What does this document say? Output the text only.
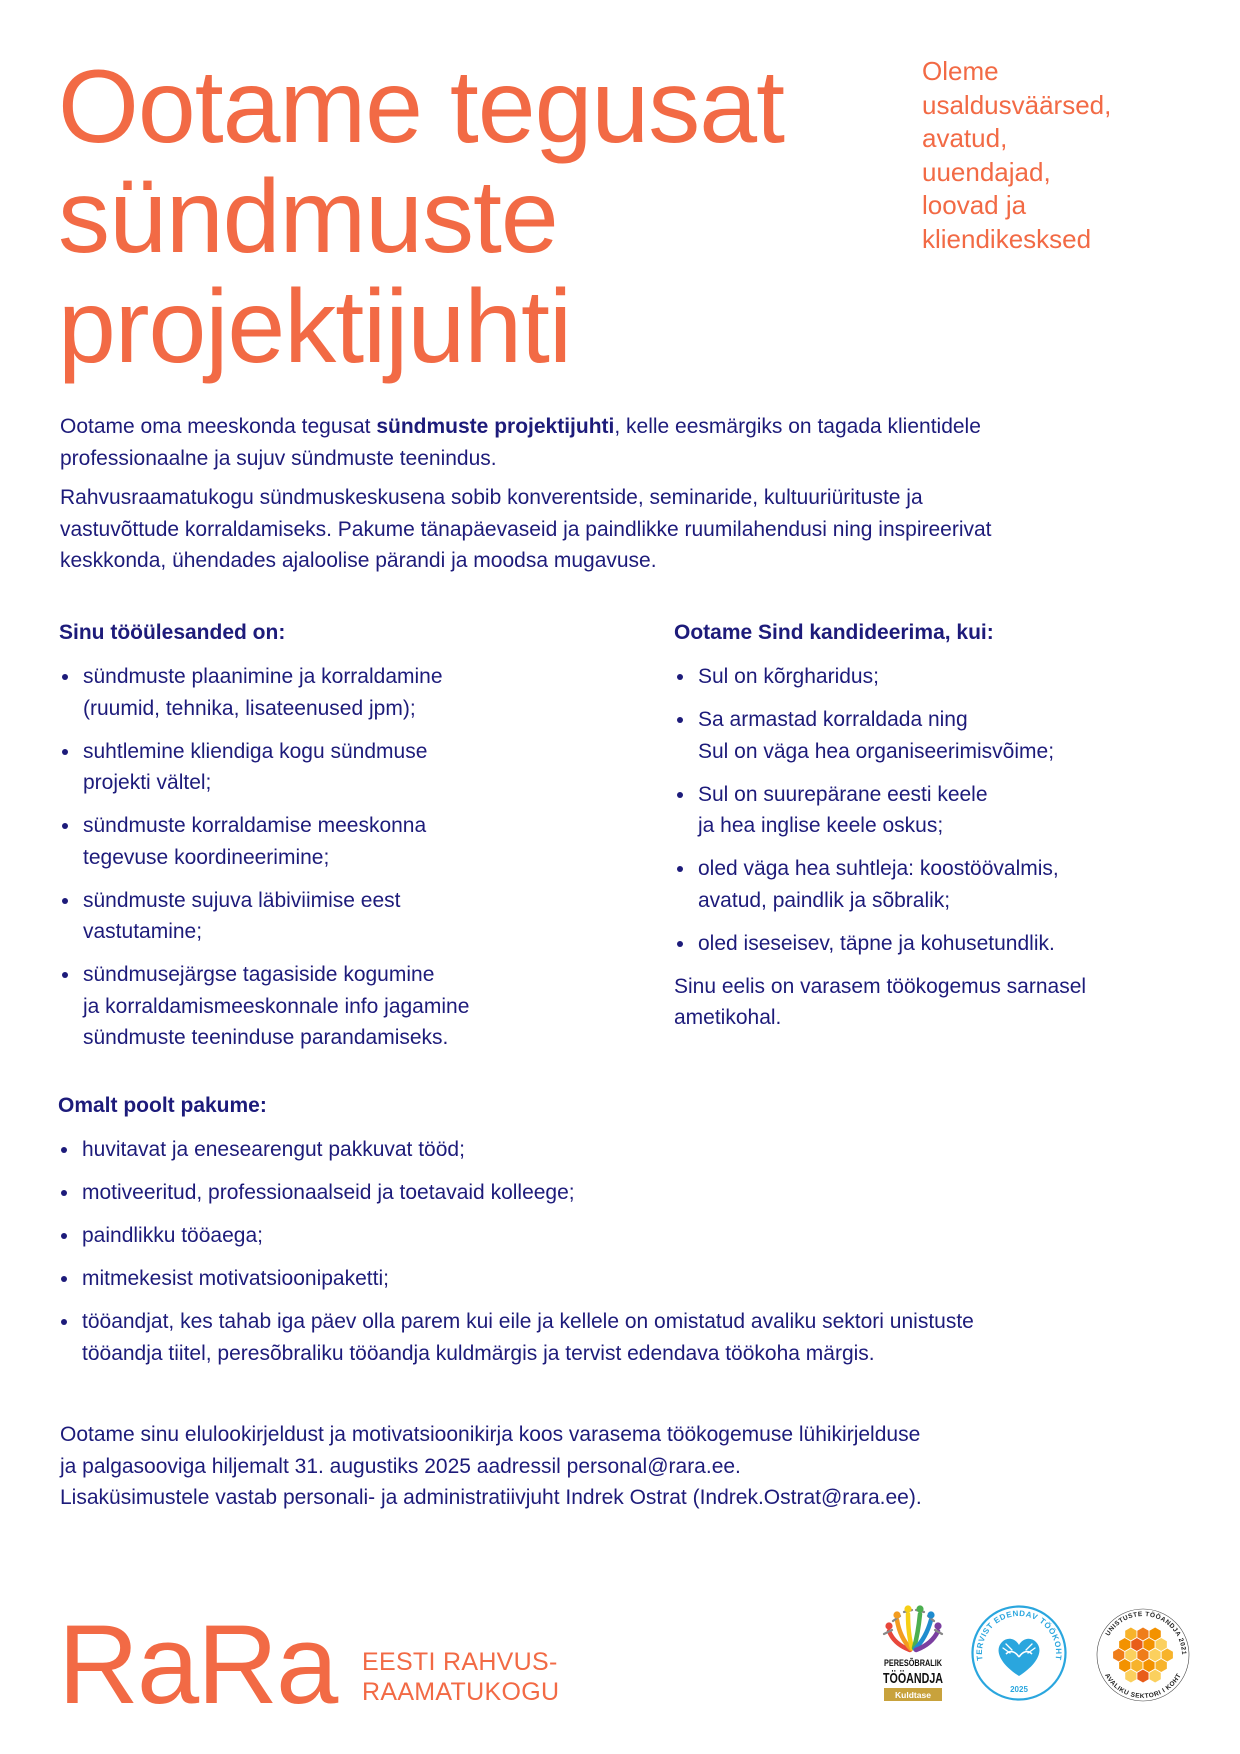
Ootame tegusat
sündmuste
projektijuhti
Oleme
usaldusväärsed,
avatud,
uuendajad,
loovad ja
kliendikesksed

Ootame oma meeskonda tegusat sündmuste projektijuhti, kelle eesmärgiks on tagada klientidele
professionaalne ja sujuv sündmuste teenindus.

Rahvusraamatukogu sündmuskeskusena sobib konverentside, seminaride, kultuuriürituste ja
vastuvõttude korraldamiseks. Pakume tänapäevaseid ja paindlikke ruumilahendusi ning inspireerivat
keskkonda, ühendades ajaloolise pärandi ja moodsa mugavuse.

Sinu tööülesanded on:
sündmuste plaanimine ja korraldamine
(ruumid, tehnika, lisateenused jpm);
suhtlemine kliendiga kogu sündmuse
projekti vältel;
sündmuste korraldamise meeskonna
tegevuse koordineerimine;
sündmuste sujuva läbiviimise eest
vastutamine;
sündmusejärgse tagasiside kogumine
ja korraldamismeeskonnale info jagamine
sündmuste teeninduse parandamiseks.
Ootame Sind kandideerima, kui:
Sul on kõrgharidus;
Sa armastad korraldada ning
Sul on väga hea organiseerimisvõime;
Sul on suurepärane eesti keele
ja hea inglise keele oskus;
oled väga hea suhtleja: koostöövalmis,
avatud, paindlik ja sõbralik;
oled iseseisev, täpne ja kohusetundlik.

Sinu eelis on varasem töökogemus sarnasel
ametikohal.

Omalt poolt pakume:
huvitavat ja enesearengut pakkuvat tööd;
motiveeritud, professionaalseid ja toetavaid kolleege;
paindlikku tööaega;
mitmekesist motivatsioonipaketti;
tööandjat, kes tahab iga päev olla parem kui eile ja kellele on omistatud avaliku sektori unistuste
tööandja tiitel, peresõbraliku tööandja kuldmärgis ja tervist edendava töökoha märgis.

Ootame sinu elulookirjeldust ja motivatsioonikirja koos varasema töökogemuse lühikirjelduse
ja palgasooviga hiljemalt 31. augustiks 2025 aadressil personal@rara.ee.
Lisaküsimustele vastab personali- ja administratiivjuht Indrek Ostrat (Indrek.Ostrat@rara.ee).

RaRa EESTI RAHVUS-
RAAMATUKOGU
PERESÕBRALIK
TÖÖANDJA
Kuldtase
TERVIST EDENDAV TÖÖKOHT
2025
UNISTUSTE TÖÖANDJA 2021
AVALIKU SEKTORI I KOHT
